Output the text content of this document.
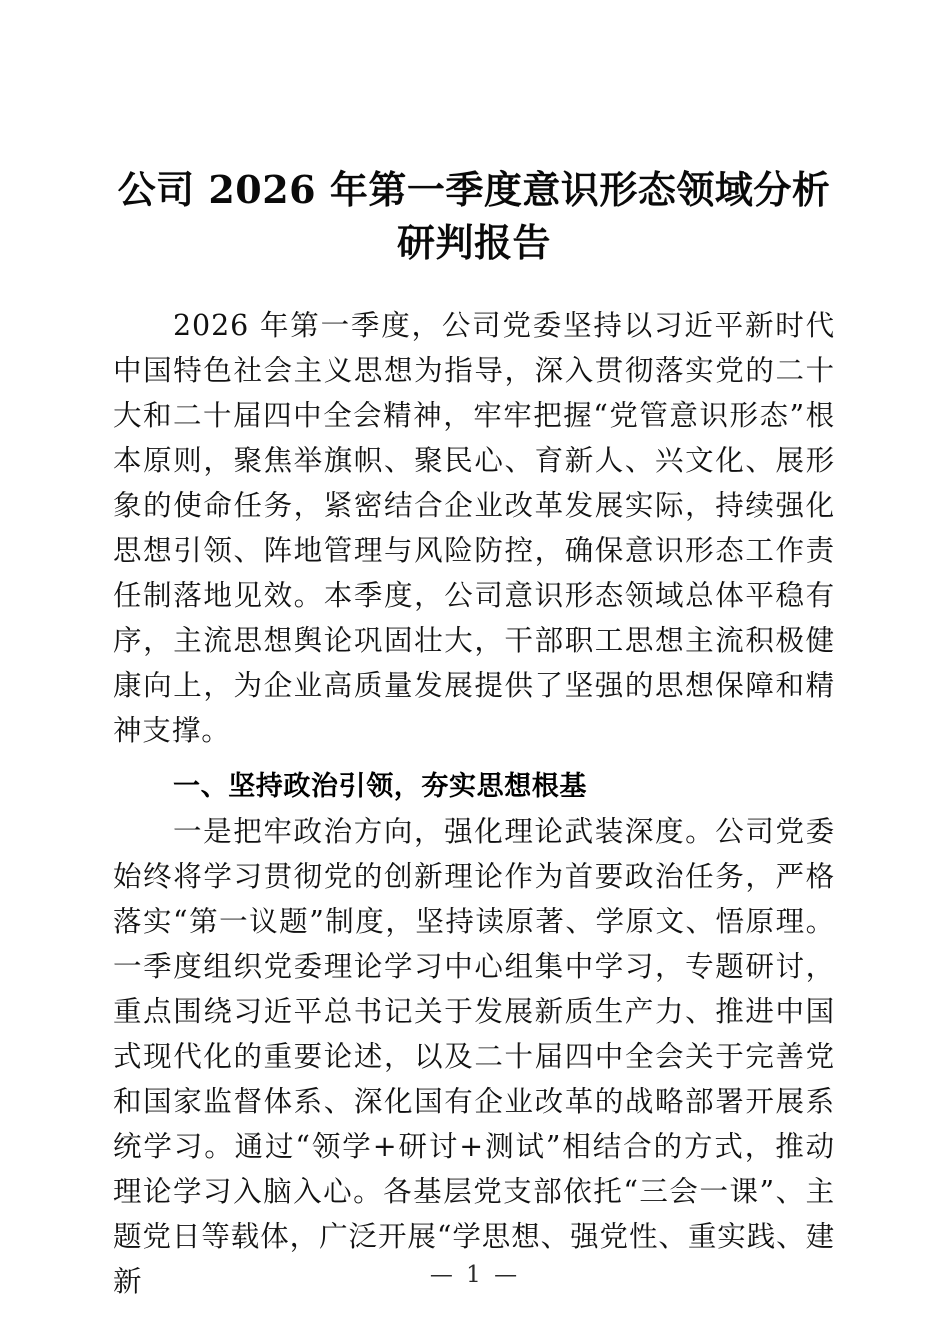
公司 2026 年第一季度意识形态领域分析研判报告

2026 年第一季度，公司党委坚持以习近平新时代中国特色社会主义思想为指导，深入贯彻落实党的二十大和二十届四中全会精神，牢牢把握“党管意识形态”根本原则，聚焦举旗帜、聚民心、育新人、兴文化、展形象的使命任务，紧密结合企业改革发展实际，持续强化思想引领、阵地管理与风险防控，确保意识形态工作责任制落地见效。本季度，公司意识形态领域总体平稳有序，主流思想舆论巩固壮大，干部职工思想主流积极健康向上，为企业高质量发展提供了坚强的思想保障和精神支撑。

一、坚持政治引领，夯实思想根基

一是把牢政治方向，强化理论武装深度。公司党委始终将学习贯彻党的创新理论作为首要政治任务，严格落实“第一议题”制度，坚持读原著、学原文、悟原理。一季度组织党委理论学习中心组集中学习，专题研讨，重点围绕习近平总书记关于发展新质生产力、推进中国式现代化的重要论述，以及二十届四中全会关于完善党和国家监督体系、深化国有企业改革的战略部署开展系统学习。通过“领学+研讨+测试”相结合的方式，推动理论学习入脑入心。各基层党支部依托“三会一课”、主题党日等载体，广泛开展“学思想、强党性、重实践、建新	— 1 —
